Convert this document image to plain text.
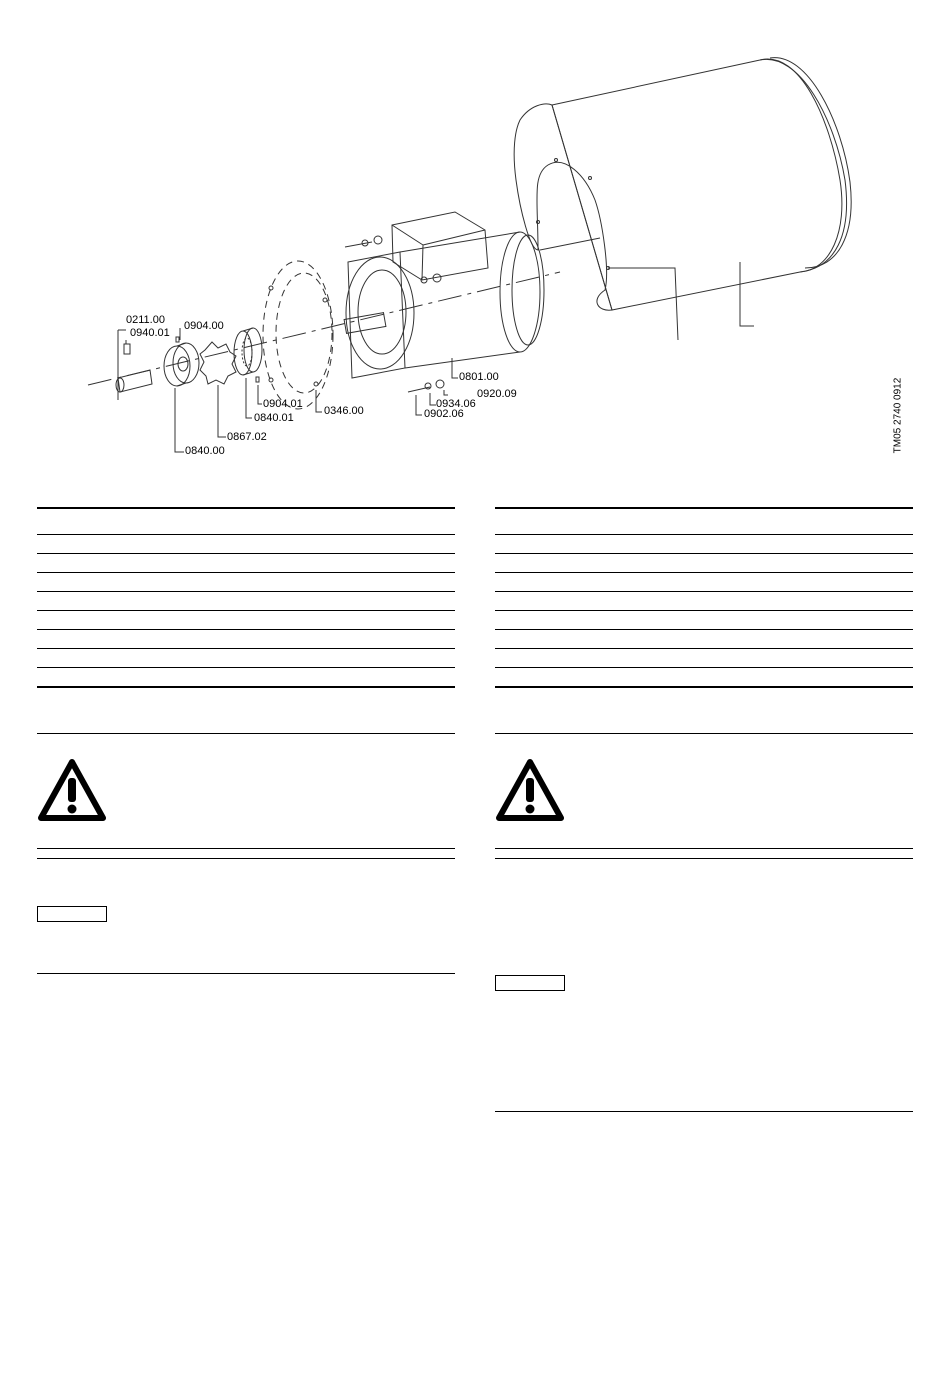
0211.00
0940.01
0904.00
0904.01
0840.01
0867.02
0840.00
0346.00
0801.00
0920.09
0934.06
0902.06	TM05 2740 0912
